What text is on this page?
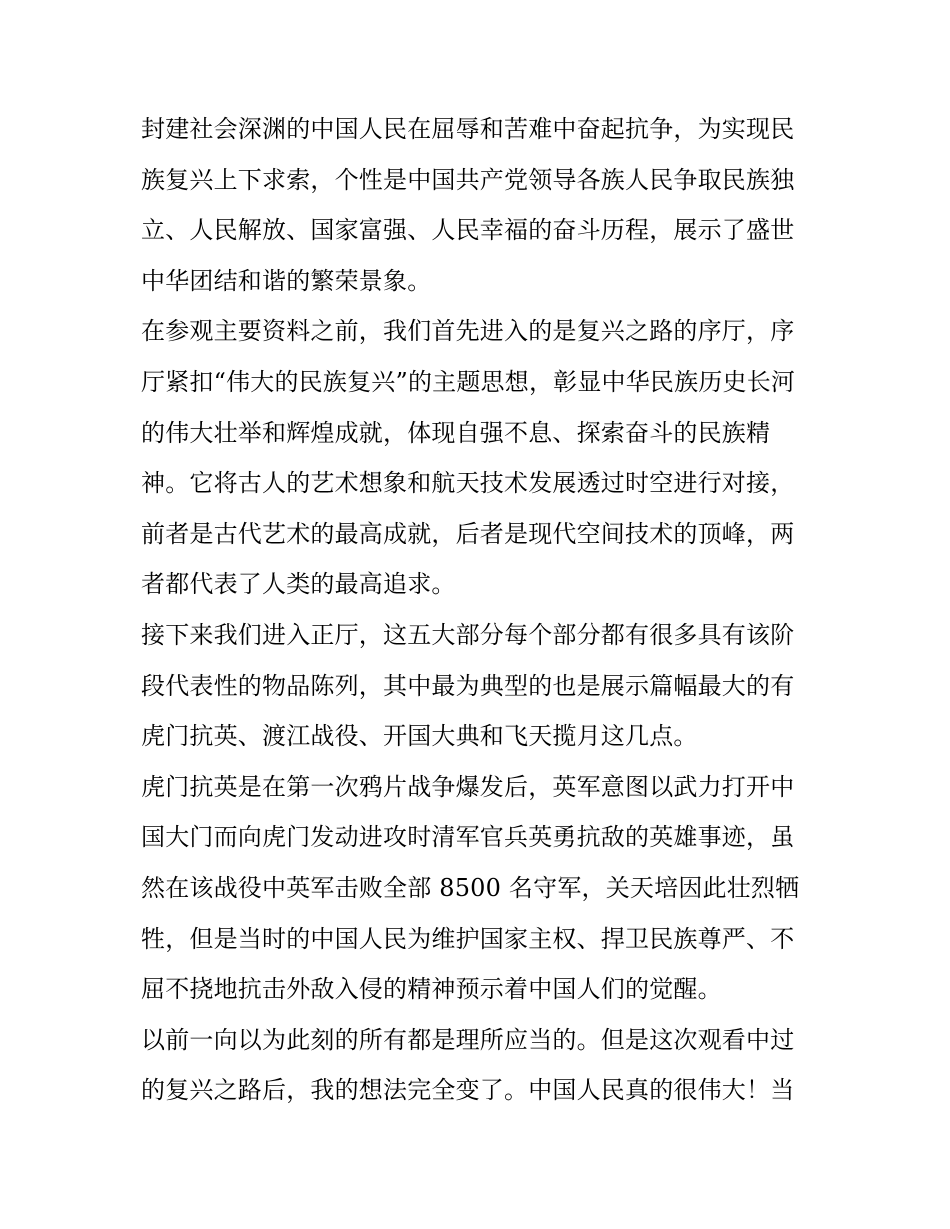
封建社会深渊的中国人民在屈辱和苦难中奋起抗争，为实现民
族复兴上下求索，个性是中国共产党领导各族人民争取民族独
立、人民解放、国家富强、人民幸福的奋斗历程，展示了盛世
中华团结和谐的繁荣景象。
在参观主要资料之前，我们首先进入的是复兴之路的序厅，序
厅紧扣“伟大的民族复兴”的主题思想，彰显中华民族历史长河
的伟大壮举和辉煌成就，体现自强不息、探索奋斗的民族精
神。它将古人的艺术想象和航天技术发展透过时空进行对接，
前者是古代艺术的最高成就，后者是现代空间技术的顶峰，两
者都代表了人类的最高追求。
接下来我们进入正厅，这五大部分每个部分都有很多具有该阶
段代表性的物品陈列，其中最为典型的也是展示篇幅最大的有
虎门抗英、渡江战役、开国大典和飞天揽月这几点。
虎门抗英是在第一次鸦片战争爆发后，英军意图以武力打开中
国大门而向虎门发动进攻时清军官兵英勇抗敌的英雄事迹，虽
然在该战役中英军击败全部 8500 名守军，关天培因此壮烈牺
牲，但是当时的中国人民为维护国家主权、捍卫民族尊严、不
屈不挠地抗击外敌入侵的精神预示着中国人们的觉醒。
以前一向以为此刻的所有都是理所应当的。但是这次观看中过
的复兴之路后，我的想法完全变了。中国人民真的很伟大！当
